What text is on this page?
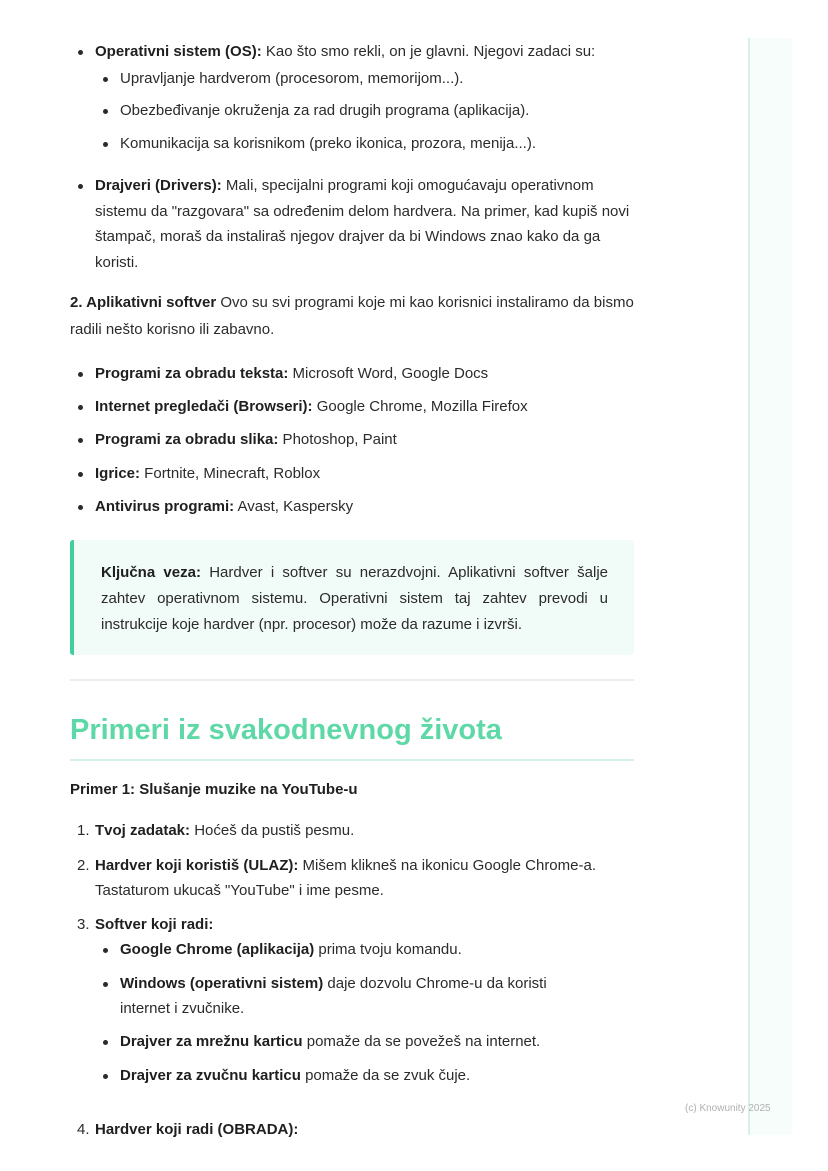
Operativni sistem (OS): Kao što smo rekli, on je glavni. Njegovi zadaci su:
Upravljanje hardverom (procesorom, memorijom...).
Obezbeđivanje okruženja za rad drugih programa (aplikacija).
Komunikacija sa korisnikom (preko ikonica, prozora, menija...).
Drajveri (Drivers): Mali, specijalni programi koji omogućavaju operativnom sistemu da "razgovara" sa određenim delom hardvera. Na primer, kad kupiš novi štampač, moraš da instaliraš njegov drajver da bi Windows znao kako da ga koristi.
2. Aplikativni softver Ovo su svi programi koje mi kao korisnici instaliramo da bismo radili nešto korisno ili zabavno.
Programi za obradu teksta: Microsoft Word, Google Docs
Internet pregledači (Browseri): Google Chrome, Mozilla Firefox
Programi za obradu slika: Photoshop, Paint
Igrice: Fortnite, Minecraft, Roblox
Antivirus programi: Avast, Kaspersky
Ključna veza: Hardver i softver su nerazdvojni. Aplikativni softver šalje zahtev operativnom sistemu. Operativni sistem taj zahtev prevodi u instrukcije koje hardver (npr. procesor) može da razume i izvrši.
Primeri iz svakodnevnog života
Primer 1: Slušanje muzike na YouTube-u
1. Tvoj zadatak: Hoćeš da pustiš pesmu.
2. Hardver koji koristiš (ULAZ): Mišem klikneš na ikonicu Google Chrome-a. Tastaturom ukucaš "YouTube" i ime pesme.
3. Softver koji radi:
4. Hardver koji radi (OBRADA):
Google Chrome (aplikacija) prima tvoju komandu.
Windows (operativni sistem) daje dozvolu Chrome-u da koristi internet i zvučnike.
Drajver za mrežnu karticu pomaže da se povežeš na internet.
Drajver za zvučnu karticu pomaže da se zvuk čuje.
(c) Knowunity 2025
